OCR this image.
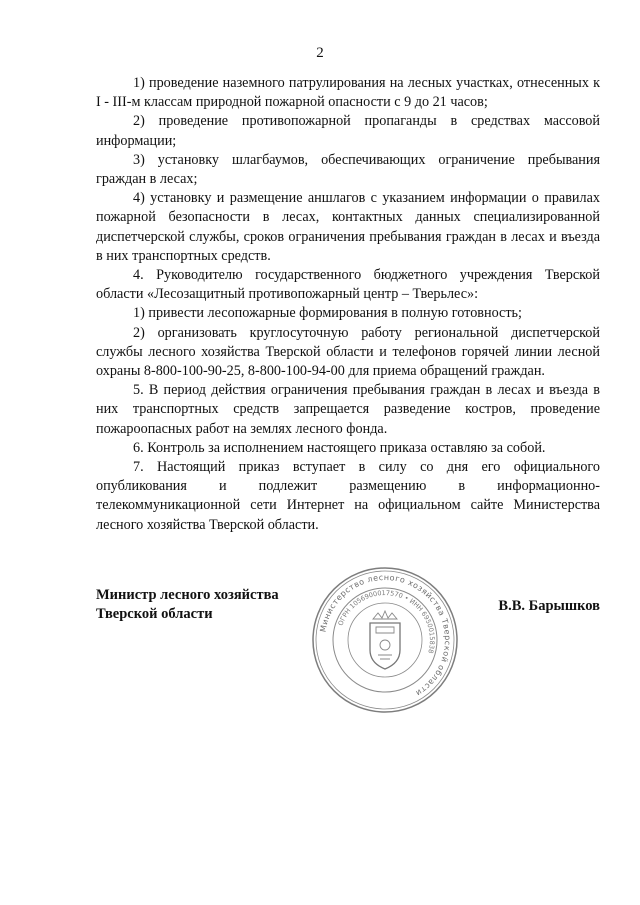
2

1) проведение наземного патрулирования на лесных участках, отнесенных к I - III-м классам природной пожарной опасности с 9 до 21 часов;

2) проведение противопожарной пропаганды в средствах массовой информации;

3) установку шлагбаумов, обеспечивающих ограничение пребывания граждан в лесах;

4) установку и размещение аншлагов с указанием информации о правилах пожарной безопасности в лесах, контактных данных специализированной диспетчерской службы, сроков ограничения пребывания граждан в лесах и въезда в них транспортных средств.

4. Руководителю государственного бюджетного учреждения Тверской области «Лесозащитный противопожарный центр – Тверьлес»:

1) привести лесопожарные формирования в полную готовность;

2) организовать круглосуточную работу региональной диспетчерской службы лесного хозяйства Тверской области и телефонов горячей линии лесной охраны 8-800-100-90-25, 8-800-100-94-00 для приема обращений граждан.

5. В период действия ограничения пребывания граждан в лесах и въезда в них транспортных средств запрещается разведение костров, проведение пожароопасных работ на землях лесного фонда.

6. Контроль за исполнением настоящего приказа оставляю за собой.

7. Настоящий приказ вступает в силу со дня его официального опубликования и подлежит размещению в информационно-телекоммуникационной сети Интернет на официальном сайте Министерства лесного хозяйства Тверской области.

Министр лесного хозяйства
Тверской области
Министерство лесного хозяйства Тверской области
ОГРН 1056900017570 • ИНН 6950015838
В.В. Барышков
